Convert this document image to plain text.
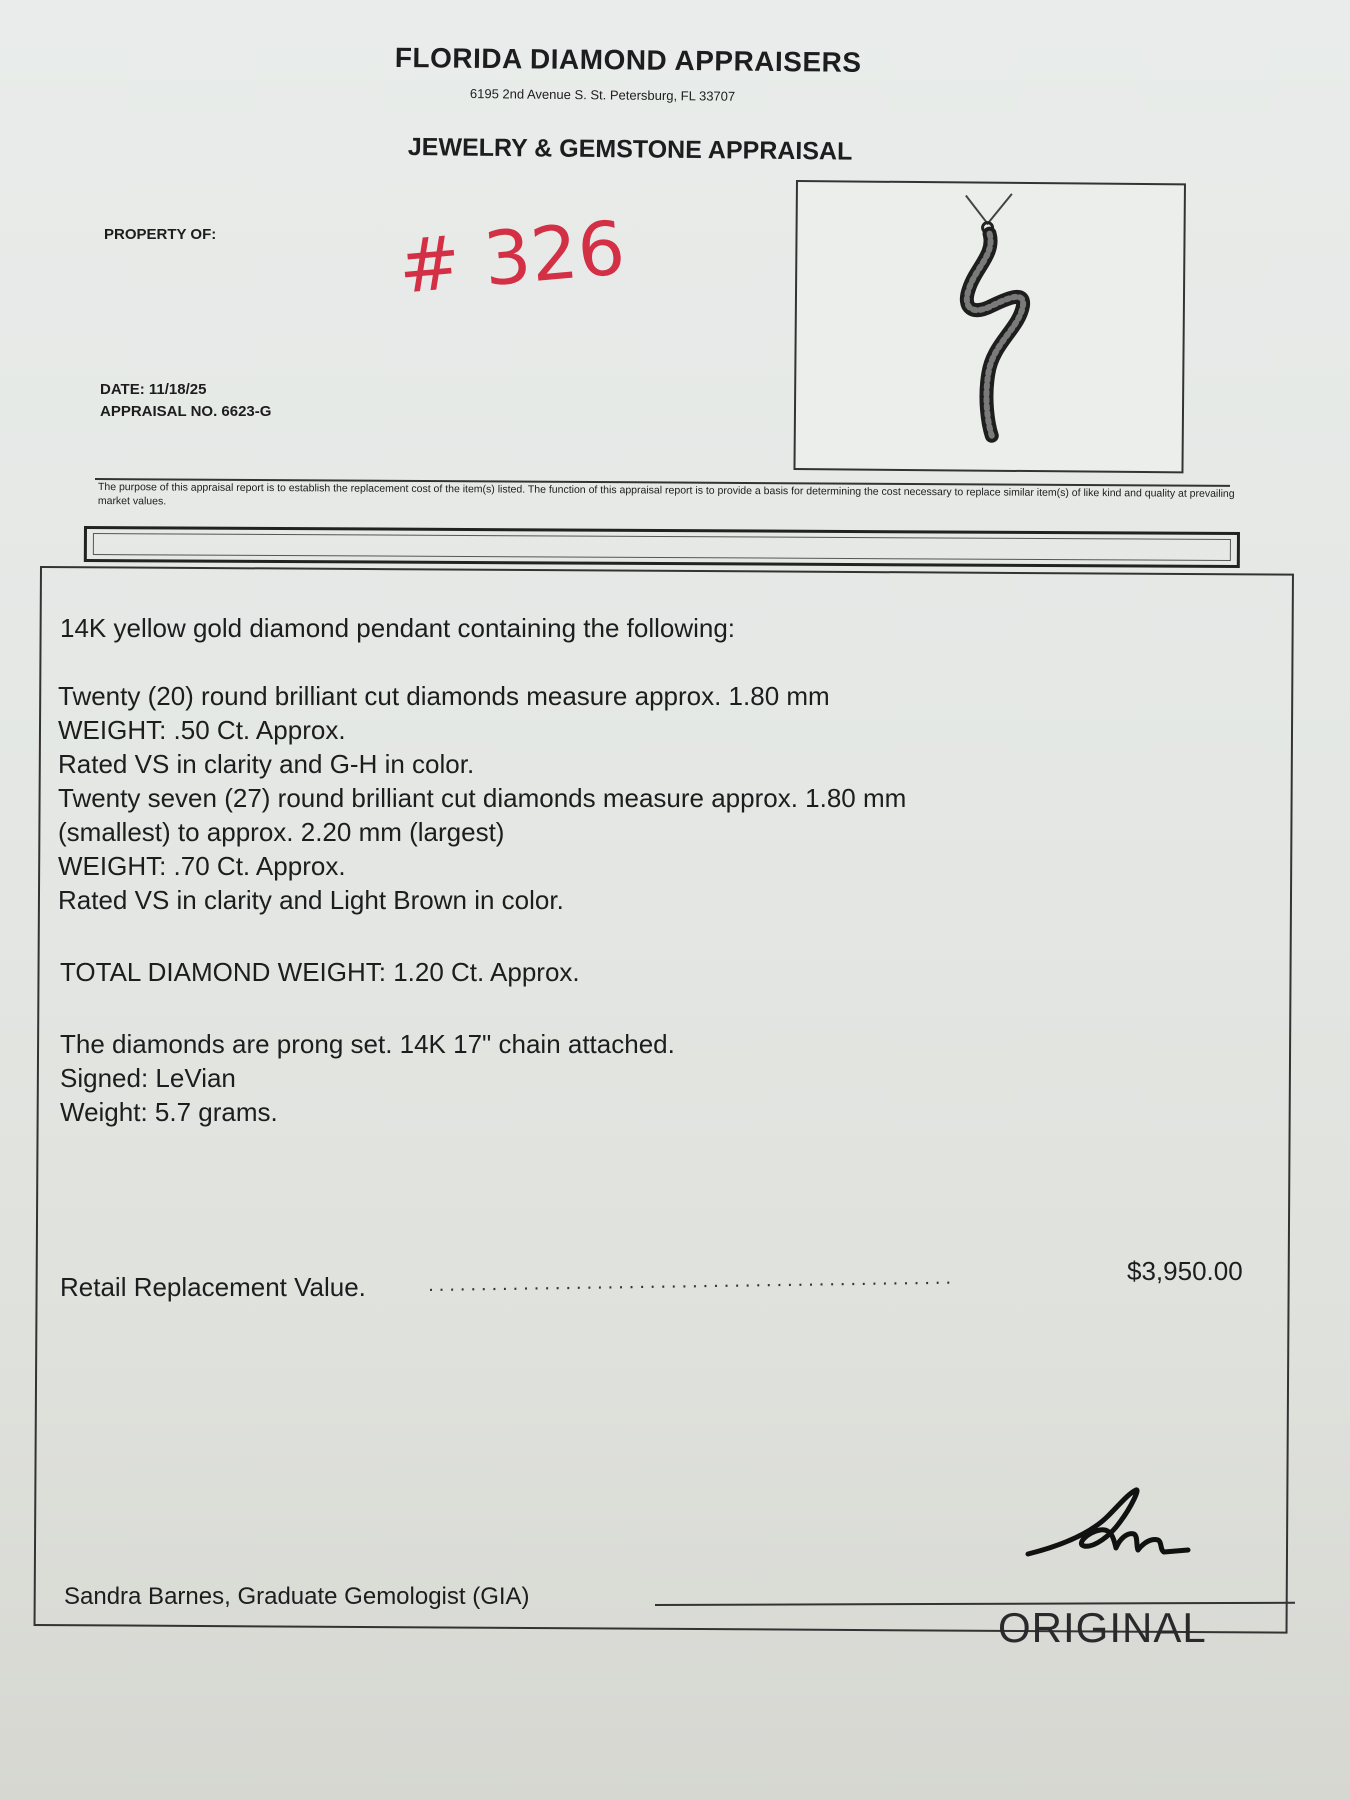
FLORIDA DIAMOND APPRAISERS
6195 2nd Avenue S. St. Petersburg, FL 33707
JEWELRY & GEMSTONE APPRAISAL
PROPERTY OF: # 326
DATE: 11/18/25
APPRAISAL NO. 6623-G
The purpose of this appraisal report is to establish the replacement cost of the item(s) listed. The function of this appraisal report is to provide a basis for determining the cost necessary to replace similar item(s) of like kind and quality at prevailing market values.
14K yellow gold diamond pendant containing the following:
Twenty (20) round brilliant cut diamonds measure approx. 1.80 mm
WEIGHT: .50 Ct. Approx.
Rated VS in clarity and G-H in color.
Twenty seven (27) round brilliant cut diamonds measure approx. 1.80 mm
(smallest) to approx. 2.20 mm (largest)
WEIGHT: .70 Ct. Approx.
Rated VS in clarity and Light Brown in color.
TOTAL DIAMOND WEIGHT: 1.20 Ct. Approx.
The diamonds are prong set. 14K 17" chain attached.
Signed: LeVian
Weight: 5.7 grams.
Retail Replacement Value.	..................................................	$3,950.00
Sandra Barnes, Graduate Gemologist (GIA)
ORIGINAL
